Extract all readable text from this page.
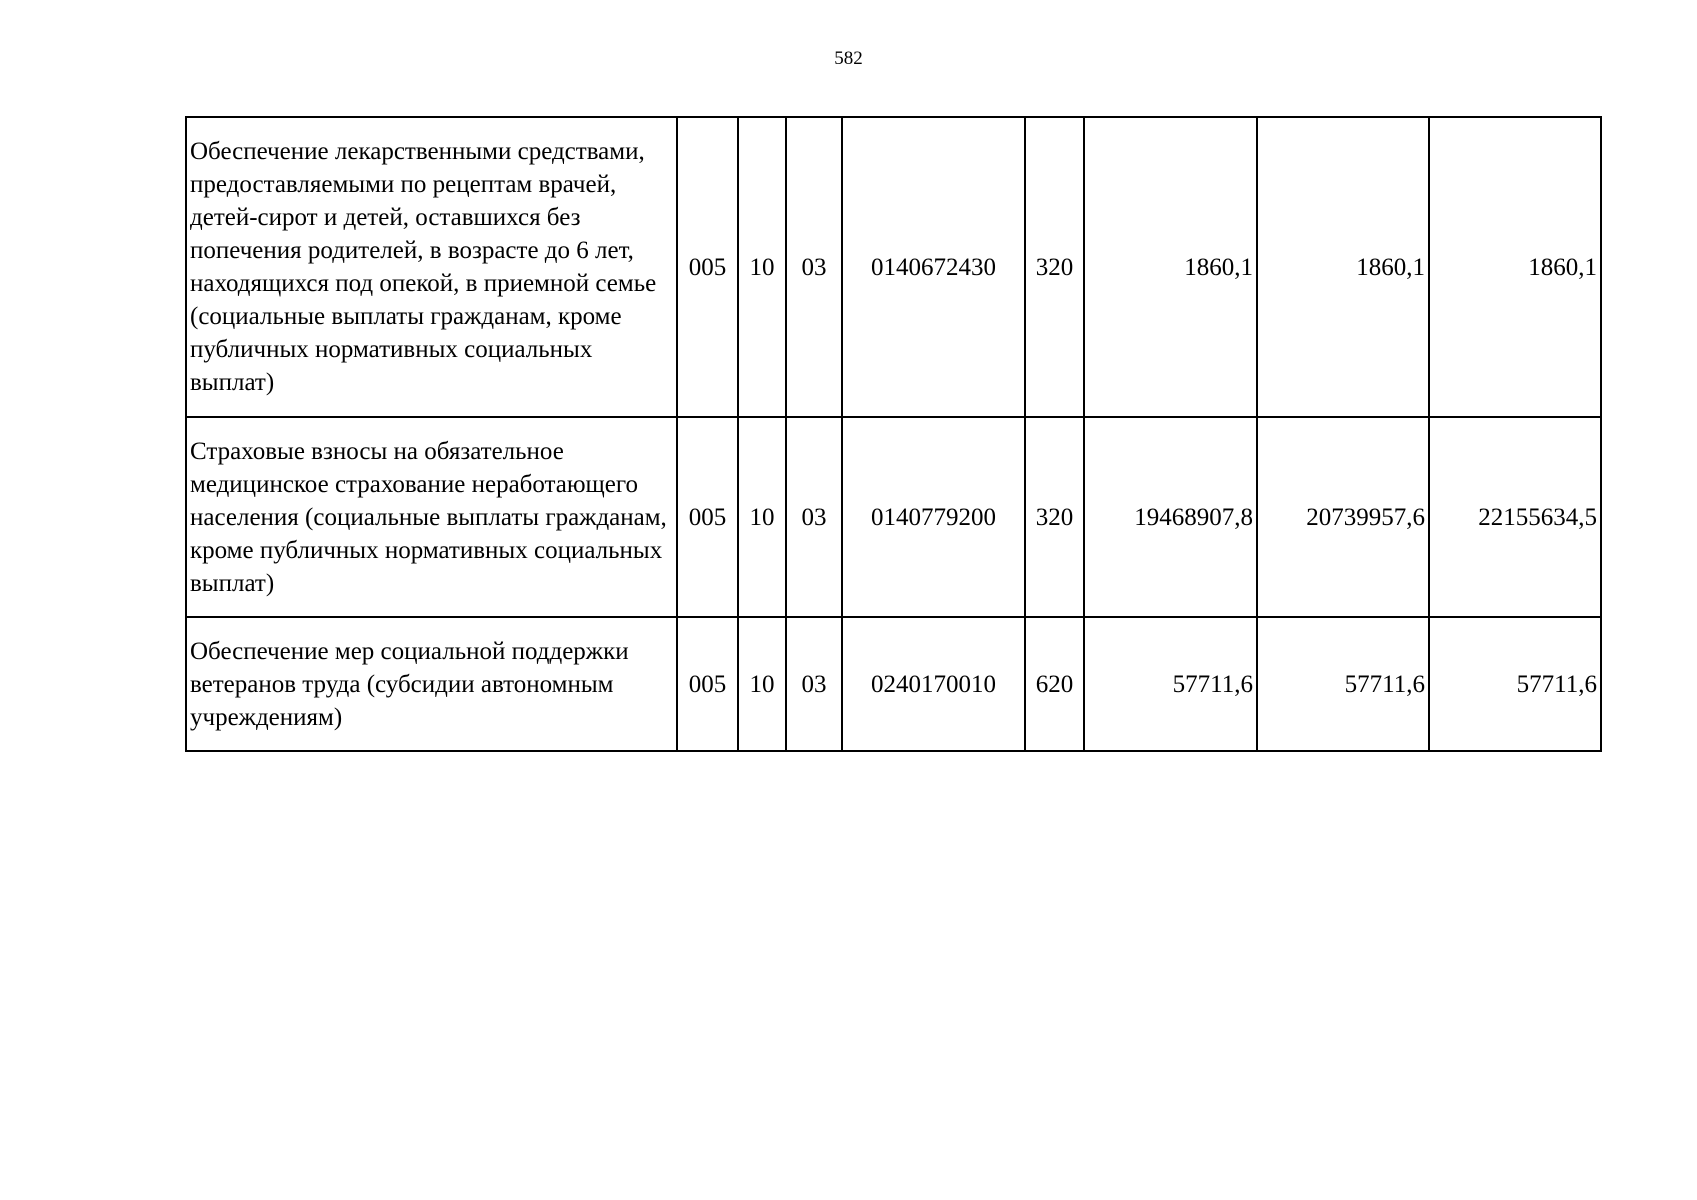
582
Обеспечение лекарственными средствами, предоставляемыми по рецептам врачей, детей-сирот и детей, оставшихся без попечения родителей, в возрасте до 6 лет, находящихся под опекой, в приемной семье (социальные выплаты гражданам, кроме публичных нормативных социальных выплат)	005	10	03	0140672430	320	1860,1	1860,1	1860,1
Страховые взносы на обязательное медицинское страхование неработающего населения (социальные выплаты гражданам, кроме публичных нормативных социальных выплат)	005	10	03	0140779200	320	19468907,8	20739957,6	22155634,5
Обеспечение мер социальной поддержки ветеранов труда (субсидии автономным учреждениям)	005	10	03	0240170010	620	57711,6	57711,6	57711,6
